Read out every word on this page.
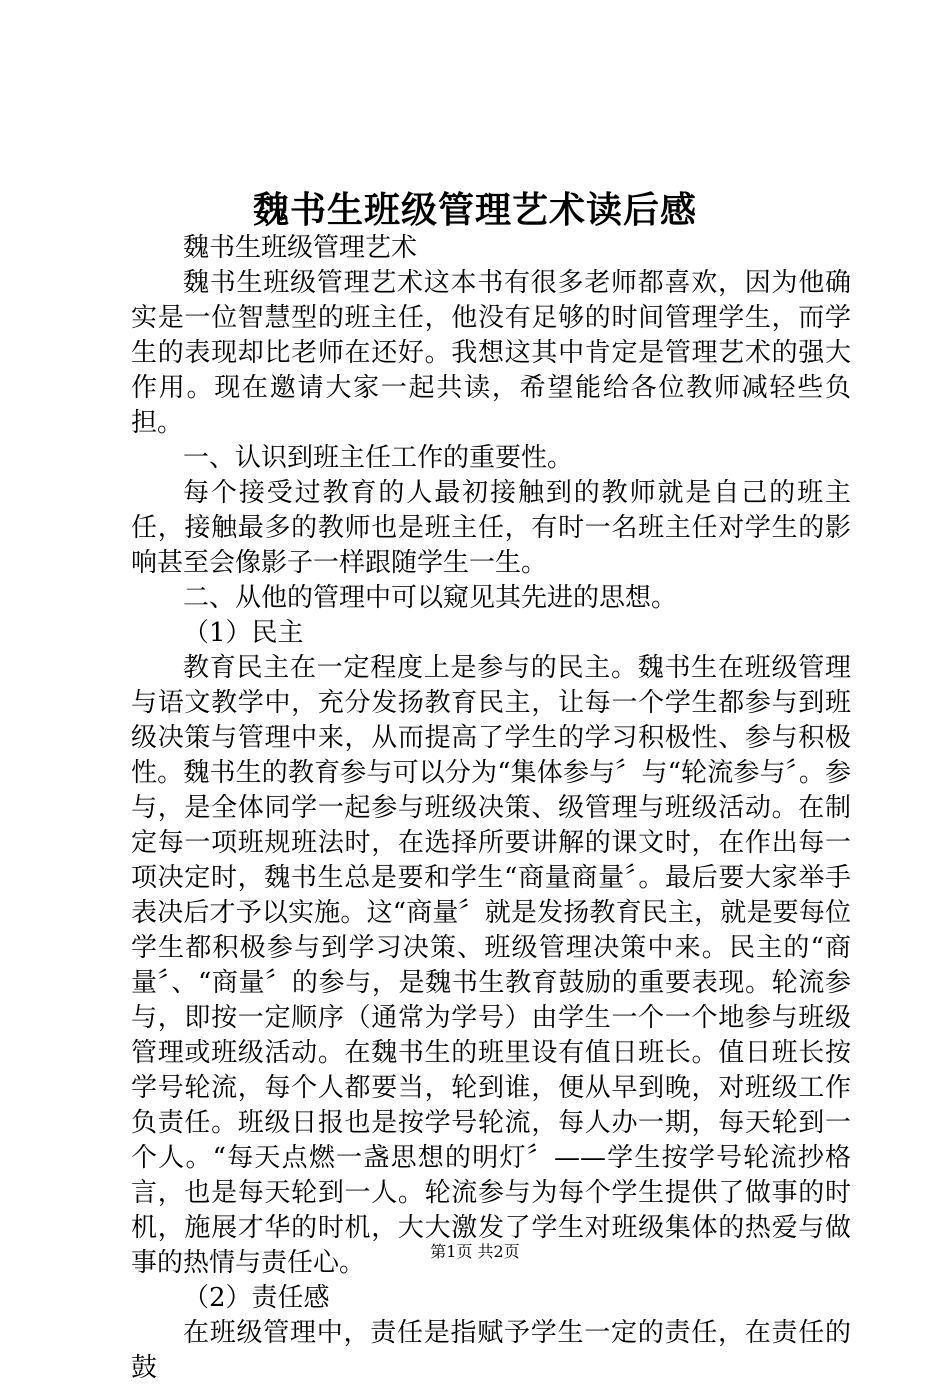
魏书生班级管理艺术读后感

魏书生班级管理艺术

魏书生班级管理艺术这本书有很多老师都喜欢，因为他确实是一位智慧型的班主任，他没有足够的时间管理学生，而学生的表现却比老师在还好。我想这其中肯定是管理艺术的强大作用。现在邀请大家一起共读，希望能给各位教师减轻些负担。

一、认识到班主任工作的重要性。

每个接受过教育的人最初接触到的教师就是自己的班主任，接触最多的教师也是班主任，有时一名班主任对学生的影响甚至会像影子一样跟随学生一生。

二、从他的管理中可以窥见其先进的思想。

（1）民主

教育民主在一定程度上是参与的民主。魏书生在班级管理与语文教学中，充分发扬教育民主，让每一个学生都参与到班级决策与管理中来，从而提高了学生的学习积极性、参与积极性。魏书生的教育参与可以分为“集体参与〞与“轮流参与〞。参与，是全体同学一起参与班级决策、级管理与班级活动。在制定每一项班规班法时，在选择所要讲解的课文时，在作出每一项决定时，魏书生总是要和学生“商量商量〞。最后要大家举手表决后才予以实施。这“商量〞就是发扬教育民主，就是要每位学生都积极参与到学习决策、班级管理决策中来。民主的“商量〞、“商量〞的参与，是魏书生教育鼓励的重要表现。轮流参与，即按一定顺序（通常为学号）由学生一个一个地参与班级管理或班级活动。在魏书生的班里设有值日班长。值日班长按学号轮流，每个人都要当，轮到谁，便从早到晚，对班级工作负责任。班级日报也是按学号轮流，每人办一期，每天轮到一个人。“每天点燃一盏思想的明灯〞——学生按学号轮流抄格言，也是每天轮到一人。轮流参与为每个学生提供了做事的时机，施展才华的时机，大大激发了学生对班级集体的热爱与做事的热情与责任心。

（2）责任感

在班级管理中，责任是指赋予学生一定的责任，在责任的鼓

第1页 共2页
